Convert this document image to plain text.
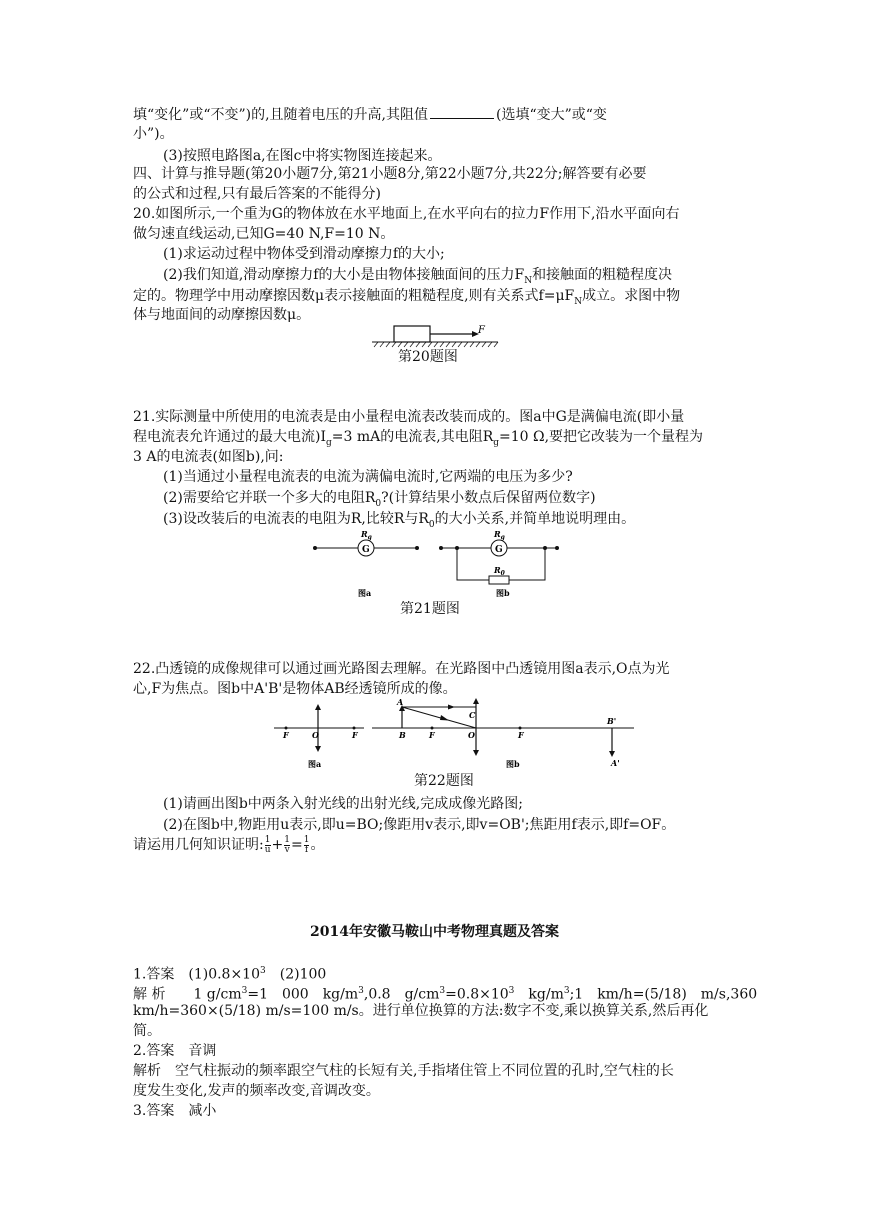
填“变化”或“不变”)的,且随着电压的升高,其阻值	(选填“变大”或“变
小”)。
(3)按照电路图a,在图c中将实物图连接起来。
四、计算与推导题(第20小题7分,第21小题8分,第22小题7分,共22分;解答要有必要
的公式和过程,只有最后答案的不能得分)
20.如图所示,一个重为G的物体放在水平地面上,在水平向右的拉力F作用下,沿水平面向右
做匀速直线运动,已知G=40 N,F=10 N。
(1)求运动过程中物体受到滑动摩擦力f的大小;
(2)我们知道,滑动摩擦力f的大小是由物体接触面间的压力$F_N$和接触面的粗糙程度决
定的。物理学中用动摩擦因数μ表示接触面的粗糙程度,则有关系式$f=\mu F_N$成立。求图中物
体与地面间的动摩擦因数μ。
F
第20题图
21.实际测量中所使用的电流表是由小量程电流表改装而成的。图a中G是满偏电流(即小量
程电流表允许通过的最大电流)$I_g=3$ mA的电流表,其电阻$R_g=10$ Ω,要把它改装为一个量程为
3 A的电流表(如图b),问:
(1)当通过小量程电流表的电流为满偏电流时,它两端的电压为多少?
(2)需要给它并联一个多大的电阻$R_0$?(计算结果小数点后保留两位数字)
(3)设改装后的电流表的电阻为R,比较R与$R_0$的大小关系,并简单地说明理由。
G
$R_g$
图a
G
$R_g$
$R_0$
图b
第21题图
22.凸透镜的成像规律可以通过画光路图去理解。在光路图中凸透镜用图a表示,O点为光
心,F为焦点。图b中A'B'是物体AB经透镜所成的像。
F	O	F
图a
A
B	F	O
C
F
B'
A'
图b
第22题图
(1)请画出图b中两条入射光线的出射光线,完成成像光路图;
(2)在图b中,物距用u表示,即u=BO;像距用v表示,即v=OB';焦距用f表示,即f=OF。
请运用几何知识证明: $\frac{1}{u} + \frac{1}{v} = \frac{1}{f}$ 。
2014年安徽马鞍山中考物理真题及答案
1.答案　$(1)0.8\times 10^3$　(2)100
解 析　　1 $g/cm^3=1$　000　$kg/m^3,0.8$　$g/cm^3=0.8\times 10^3$　$kg/m^3;1$　km/h=(5/18)　m/s,360
km/h=360×(5/18) m/s=100 m/s。进行单位换算的方法:数字不变,乘以换算关系,然后再化
简。
2.答案　音调
解析　空气柱振动的频率跟空气柱的长短有关,手指堵住管上不同位置的孔时,空气柱的长
度发生变化,发声的频率改变,音调改变。
3.答案　减小
